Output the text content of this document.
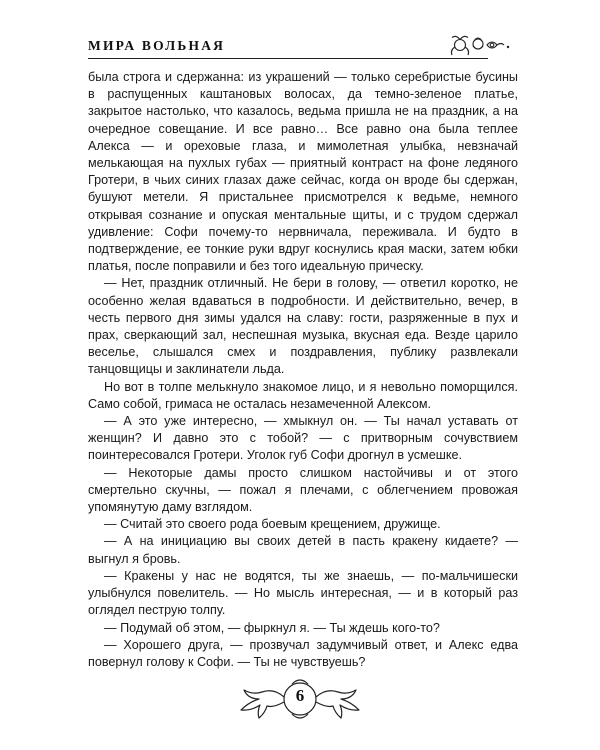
МИРА ВОЛЬНАЯ

была строга и сдержанна: из украшений — только серебристые бусины в распущенных каштановых волосах, да темно-зеленое платье, закрытое настолько, что казалось, ведьма пришла не на праздник, а на очередное совещание. И все равно… Все равно она была теплее Алекса — и ореховые глаза, и мимолетная улыбка, невзначай мелькающая на пухлых губах — приятный контраст на фоне ледяного Гротери, в чьих синих глазах даже сейчас, когда он вроде бы сдержан, бушуют метели. Я пристальнее присмотрелся к ведьме, немного открывая сознание и опуская ментальные щиты, и с трудом сдержал удивление: Софи почему-то нервничала, переживала. И будто в подтверждение, ее тонкие руки вдруг коснулись края маски, затем юбки платья, после поправили и без того идеальную прическу.

— Нет, праздник отличный. Не бери в голову, — ответил коротко, не особенно желая вдаваться в подробности. И действительно, вечер, в честь первого дня зимы удался на славу: гости, разряженные в пух и прах, сверкающий зал, неспешная музыка, вкусная еда. Везде царило веселье, слышался смех и поздравления, публику развлекали танцовщицы и заклинатели льда.

Но вот в толпе мелькнуло знакомое лицо, и я невольно поморщился. Само собой, гримаса не осталась незамеченной Алексом.

— А это уже интересно, — хмыкнул он. — Ты начал уставать от женщин? И давно это с тобой? — с притворным сочувствием поинтересовался Гротери. Уголок губ Софи дрогнул в усмешке.

— Некоторые дамы просто слишком настойчивы и от этого смертельно скучны, — пожал я плечами, с облегчением провожая упомянутую даму взглядом.

— Считай это своего рода боевым крещением, дружище.

— А на инициацию вы своих детей в пасть кракену кидаете? — выгнул я бровь.

— Кракены у нас не водятся, ты же знаешь, — по-мальчишески улыбнулся повелитель. — Но мысль интересная, — и в который раз оглядел пеструю толпу.

— Подумай об этом, — фыркнул я. — Ты ждешь кого-то?

— Хорошего друга, — прозвучал задумчивый ответ, и Алекс едва повернул голову к Софи. — Ты не чувствуешь?

6
